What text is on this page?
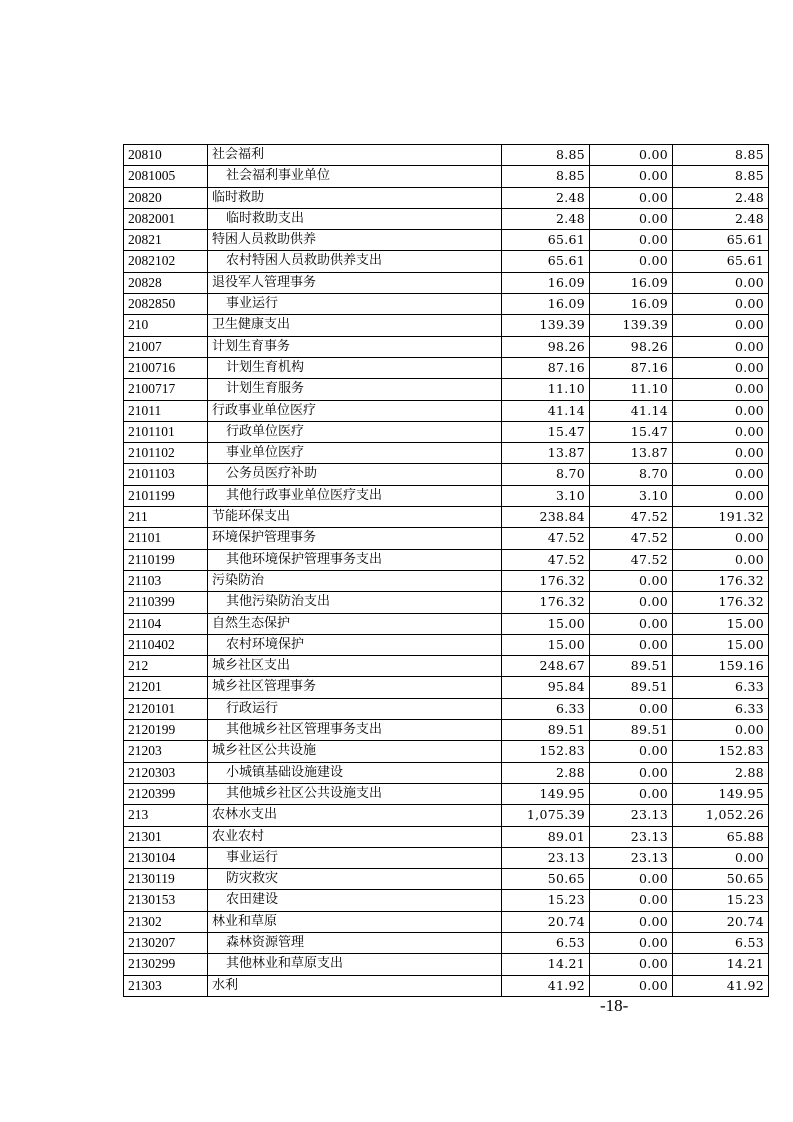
20810	社会福利	8.85	0.00	8.85
2081005	社会福利事业单位	8.85	0.00	8.85
20820	临时救助	2.48	0.00	2.48
2082001	临时救助支出	2.48	0.00	2.48
20821	特困人员救助供养	65.61	0.00	65.61
2082102	农村特困人员救助供养支出	65.61	0.00	65.61
20828	退役军人管理事务	16.09	16.09	0.00
2082850	事业运行	16.09	16.09	0.00
210	卫生健康支出	139.39	139.39	0.00
21007	计划生育事务	98.26	98.26	0.00
2100716	计划生育机构	87.16	87.16	0.00
2100717	计划生育服务	11.10	11.10	0.00
21011	行政事业单位医疗	41.14	41.14	0.00
2101101	行政单位医疗	15.47	15.47	0.00
2101102	事业单位医疗	13.87	13.87	0.00
2101103	公务员医疗补助	8.70	8.70	0.00
2101199	其他行政事业单位医疗支出	3.10	3.10	0.00
211	节能环保支出	238.84	47.52	191.32
21101	环境保护管理事务	47.52	47.52	0.00
2110199	其他环境保护管理事务支出	47.52	47.52	0.00
21103	污染防治	176.32	0.00	176.32
2110399	其他污染防治支出	176.32	0.00	176.32
21104	自然生态保护	15.00	0.00	15.00
2110402	农村环境保护	15.00	0.00	15.00
212	城乡社区支出	248.67	89.51	159.16
21201	城乡社区管理事务	95.84	89.51	6.33
2120101	行政运行	6.33	0.00	6.33
2120199	其他城乡社区管理事务支出	89.51	89.51	0.00
21203	城乡社区公共设施	152.83	0.00	152.83
2120303	小城镇基础设施建设	2.88	0.00	2.88
2120399	其他城乡社区公共设施支出	149.95	0.00	149.95
213	农林水支出	1,075.39	23.13	1,052.26
21301	农业农村	89.01	23.13	65.88
2130104	事业运行	23.13	23.13	0.00
2130119	防灾救灾	50.65	0.00	50.65
2130153	农田建设	15.23	0.00	15.23
21302	林业和草原	20.74	0.00	20.74
2130207	森林资源管理	6.53	0.00	6.53
2130299	其他林业和草原支出	14.21	0.00	14.21
21303	水利	41.92	0.00	41.92
-18-
